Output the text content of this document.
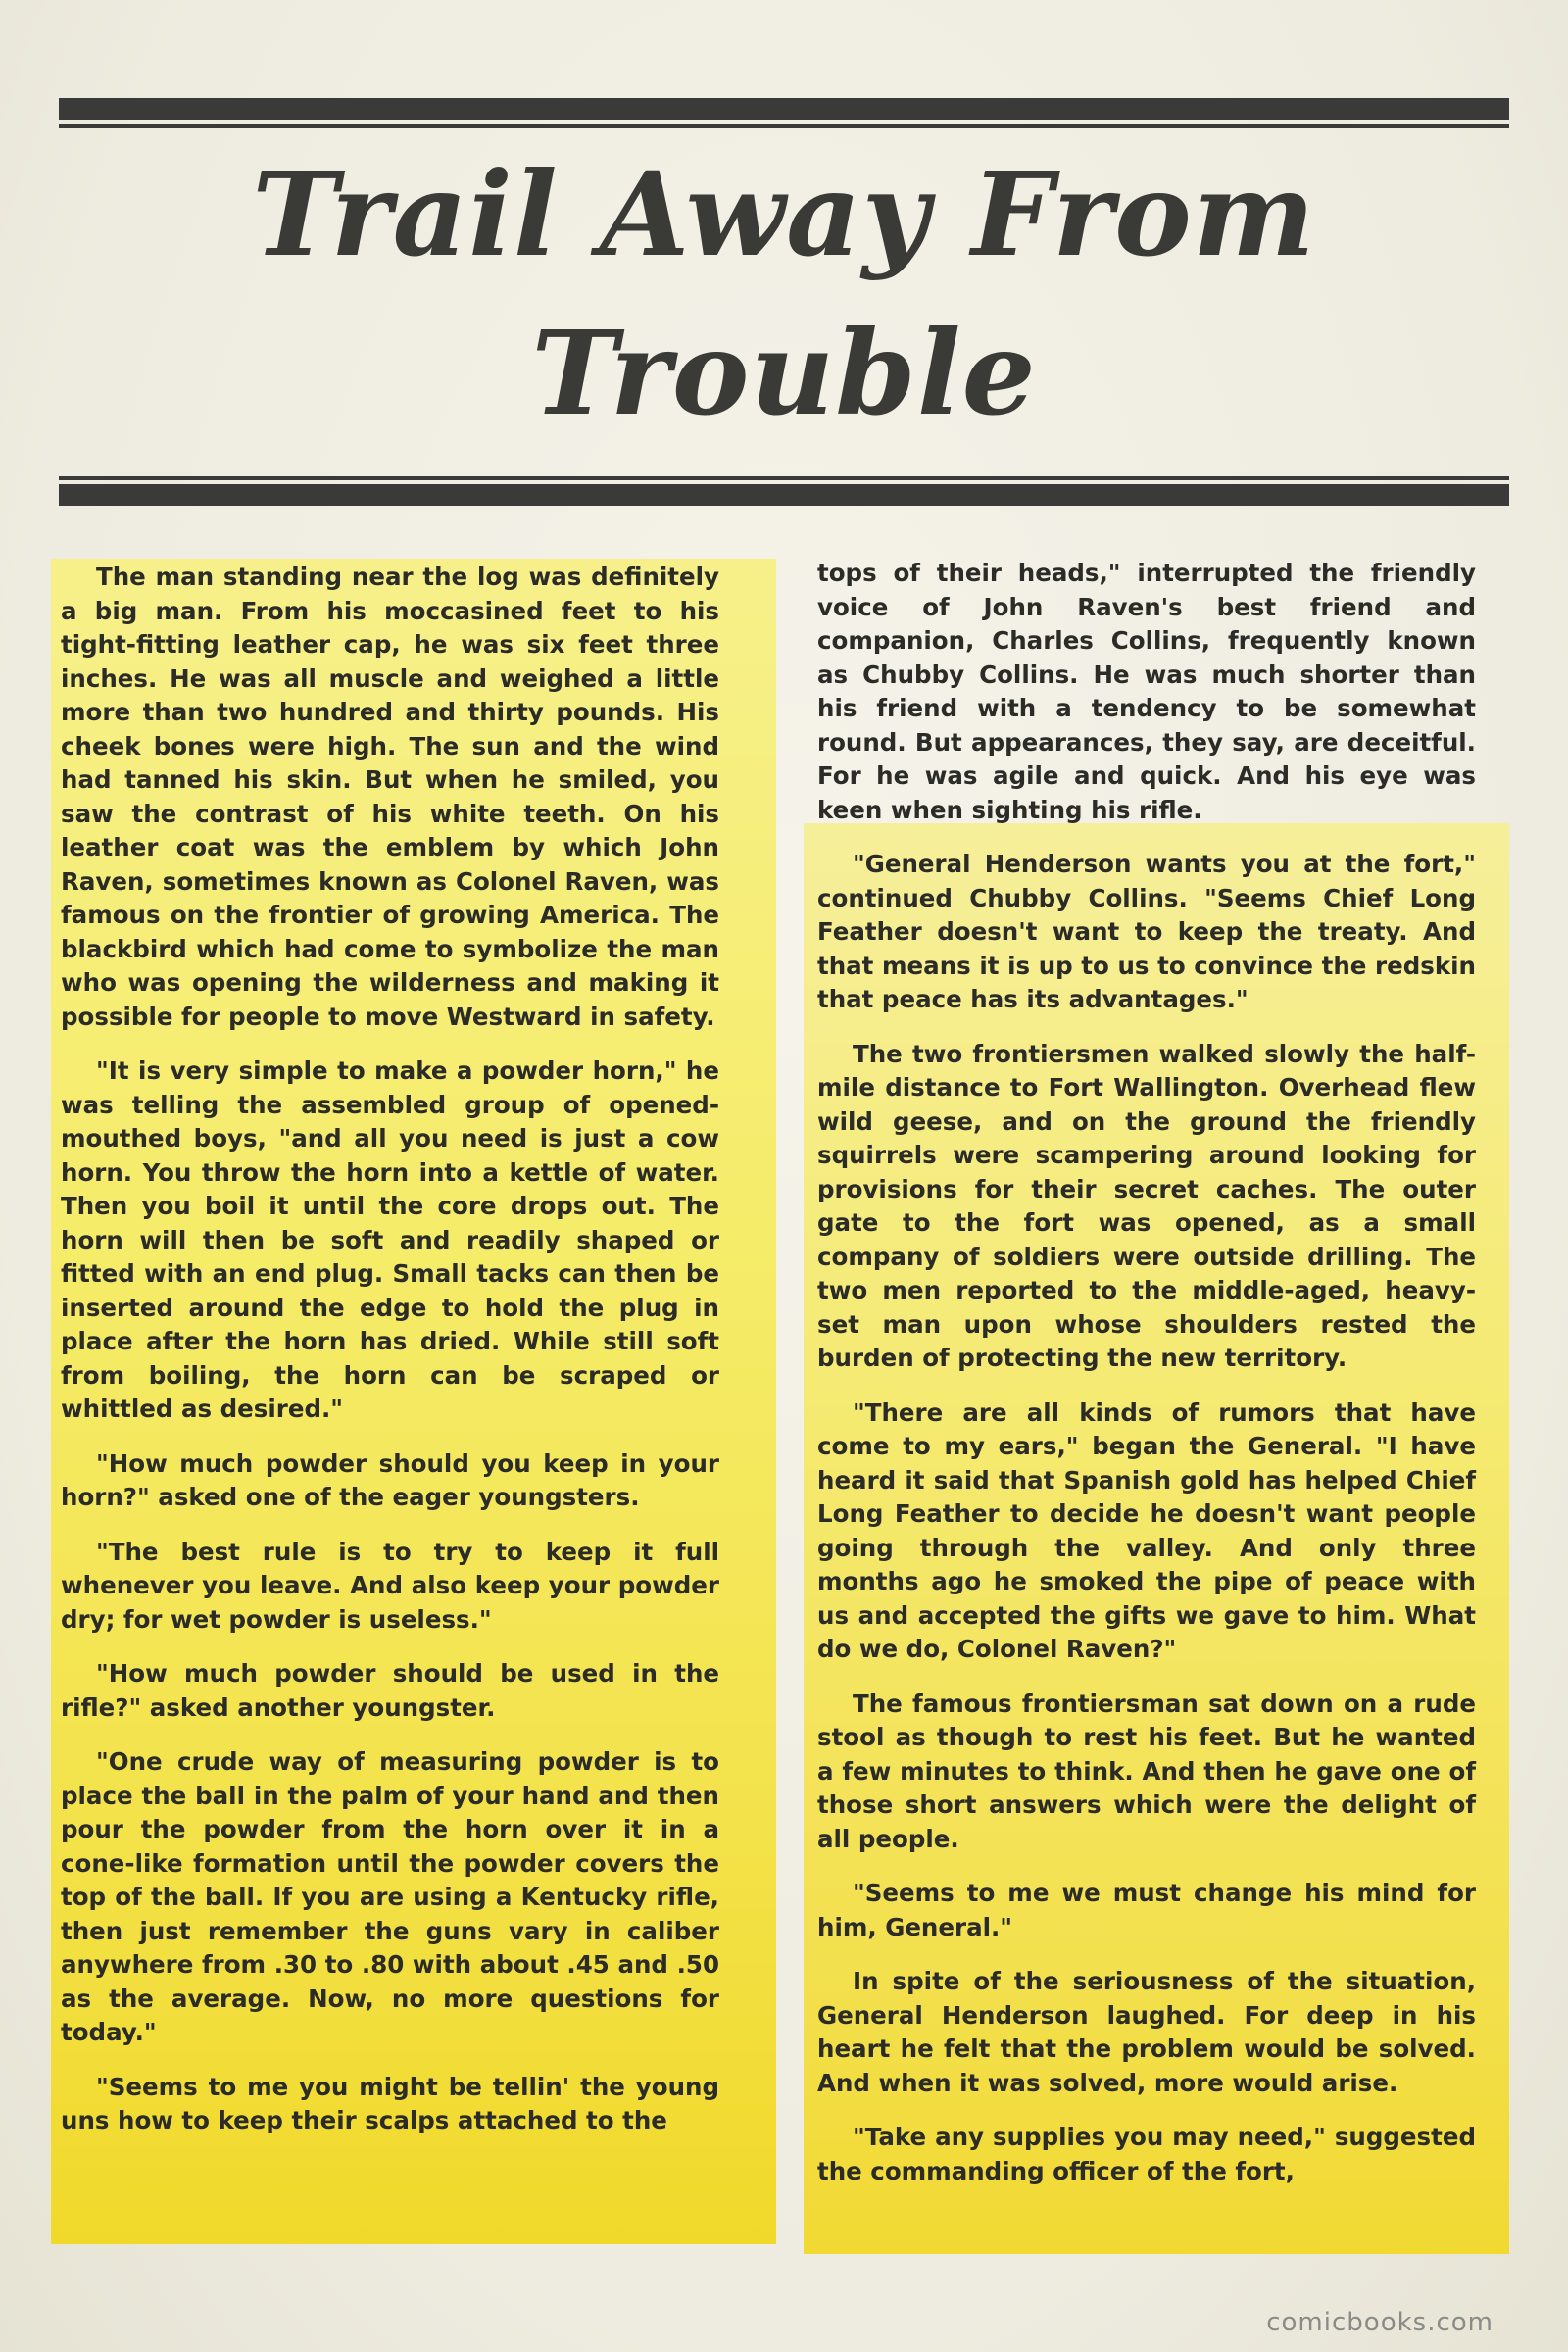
Trail Away From
Trouble

The man standing near the log was definitely a big man. From his moccasined feet to his tight-fitting leather cap, he was six feet three inches. He was all muscle and weighed a little more than two hundred and thirty pounds. His cheek bones were high. The sun and the wind had tanned his skin. But when he smiled, you saw the contrast of his white teeth. On his leather coat was the emblem by which John Raven, sometimes known as Colonel Raven, was famous on the frontier of growing America. The blackbird which had come to symbolize the man who was opening the wilderness and making it possible for people to move Westward in safety.

"It is very simple to make a powder horn," he was telling the assembled group of opened-mouthed boys, "and all you need is just a cow horn. You throw the horn into a kettle of water. Then you boil it until the core drops out. The horn will then be soft and readily shaped or fitted with an end plug. Small tacks can then be inserted around the edge to hold the plug in place after the horn has dried. While still soft from boiling, the horn can be scraped or whittled as desired."

"How much powder should you keep in your horn?" asked one of the eager youngsters.

"The best rule is to try to keep it full whenever you leave. And also keep your powder dry; for wet powder is useless."

"How much powder should be used in the rifle?" asked another youngster.

"One crude way of measuring powder is to place the ball in the palm of your hand and then pour the powder from the horn over it in a cone-like formation until the powder covers the top of the ball. If you are using a Kentucky rifle, then just remember the guns vary in caliber anywhere from .30 to .80 with about .45 and .50 as the average. Now, no more questions for today."

"Seems to me you might be tellin' the young uns how to keep their scalps attached to the

tops of their heads," interrupted the friendly voice of John Raven's best friend and companion, Charles Collins, frequently known as Chubby Collins. He was much shorter than his friend with a tendency to be somewhat round. But appearances, they say, are deceitful. For he was agile and quick. And his eye was keen when sighting his rifle.

"General Henderson wants you at the fort," continued Chubby Collins. "Seems Chief Long Feather doesn't want to keep the treaty. And that means it is up to us to convince the redskin that peace has its advantages."

The two frontiersmen walked slowly the half-mile distance to Fort Wallington. Overhead flew wild geese, and on the ground the friendly squirrels were scampering around looking for provisions for their secret caches. The outer gate to the fort was opened, as a small company of soldiers were outside drilling. The two men reported to the middle-aged, heavy-set man upon whose shoulders rested the burden of protecting the new territory.

"There are all kinds of rumors that have come to my ears," began the General. "I have heard it said that Spanish gold has helped Chief Long Feather to decide he doesn't want people going through the valley. And only three months ago he smoked the pipe of peace with us and accepted the gifts we gave to him. What do we do, Colonel Raven?"

The famous frontiersman sat down on a rude stool as though to rest his feet. But he wanted a few minutes to think. And then he gave one of those short answers which were the delight of all people.

"Seems to me we must change his mind for him, General."

In spite of the seriousness of the situation, General Henderson laughed. For deep in his heart he felt that the problem would be solved. And when it was solved, more would arise.

"Take any supplies you may need," suggested the commanding officer of the fort,

comicbooks.com
